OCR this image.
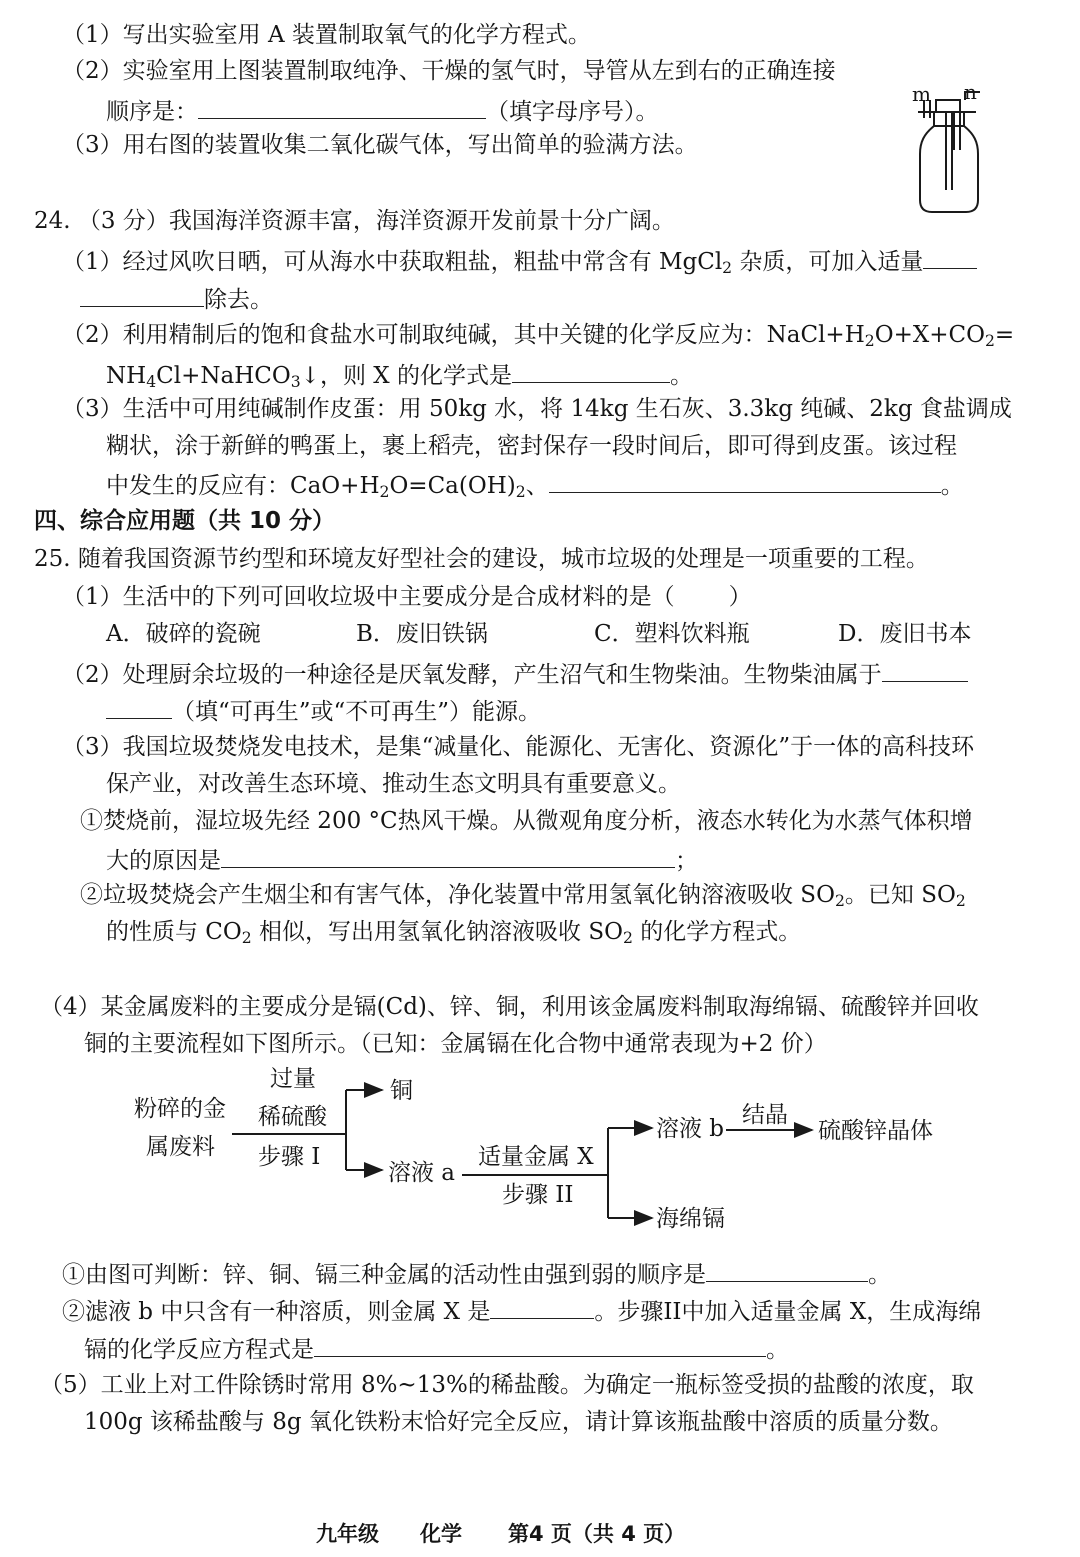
（1）写出实验室用 A 装置制取氧气的化学方程式。
（2）实验室用上图装置制取纯净、干燥的氢气时，导管从左到右的正确连接
顺序是：	（填字母序号）。
（3）用右图的装置收集二氧化碳气体，写出简单的验满方法。
m n
24. （3 分）我国海洋资源丰富，海洋资源开发前景十分广阔。
（1）经过风吹日晒，可从海水中获取粗盐，粗盐中常含有 MgCl$_2$ 杂质，可加入适量
除去。
（2）利用精制后的饱和食盐水可制取纯碱，其中关键的化学反应为：$NaCl+H_2O+X+CO_2=$
$NH_4Cl+NaHCO_3↓$，则 X 的化学式是	。
（3）生活中可用纯碱制作皮蛋：用 50kg 水，将 14kg 生石灰、3.3kg 纯碱、2kg 食盐调成
糊状，涂于新鲜的鸭蛋上，裹上稻壳，密封保存一段时间后，即可得到皮蛋。该过程
中发生的反应有：$CaO+H_2O=Ca(OH)_2$、	。
四、综合应用题（共 10 分）
25. 随着我国资源节约型和环境友好型社会的建设，城市垃圾的处理是一项重要的工程。
（1）生活中的下列可回收垃圾中主要成分是合成材料的是（ ）
A．破碎的瓷碗	B．废旧铁锅	C．塑料饮料瓶	D．废旧书本
（2）处理厨余垃圾的一种途径是厌氧发酵，产生沼气和生物柴油。生物柴油属于
（填“可再生”或“不可再生”）能源。
（3）我国垃圾焚烧发电技术，是集“减量化、能源化、无害化、资源化”于一体的高科技环
保产业，对改善生态环境、推动生态文明具有重要意义。
①焚烧前，湿垃圾先经 200 °C热风干燥。从微观角度分析，液态水转化为水蒸气体积增
大的原因是	；
②垃圾焚烧会产生烟尘和有害气体，净化装置中常用氢氧化钠溶液吸收 $SO_2$。已知 $SO_2$
的性质与 $CO_2$ 相似，写出用氢氧化钠溶液吸收 $SO_2$ 的化学方程式。
（4）某金属废料的主要成分是镉(Cd)、锌、铜，利用该金属废料制取海绵镉、硫酸锌并回收
铜的主要流程如下图所示。（已知：金属镉在化合物中通常表现为+2 价）
粉碎的金
属废料
过量
稀硫酸
步骤 I
铜
溶液 a
适量金属 X
步骤 II
溶液 b
结晶
硫酸锌晶体
海绵镉
①由图可判断：锌、铜、镉三种金属的活动性由强到弱的顺序是	。
②滤液 b 中只含有一种溶质，则金属 X 是	。步骤II中加入适量金属 X，生成海绵
镉的化学反应方程式是	。
（5）工业上对工件除锈时常用 8%~13%的稀盐酸。为确定一瓶标签受损的盐酸的浓度，取
100g 该稀盐酸与 8g 氧化铁粉末恰好完全反应，请计算该瓶盐酸中溶质的质量分数。
九年级 化学 第4 页（共 4 页）
